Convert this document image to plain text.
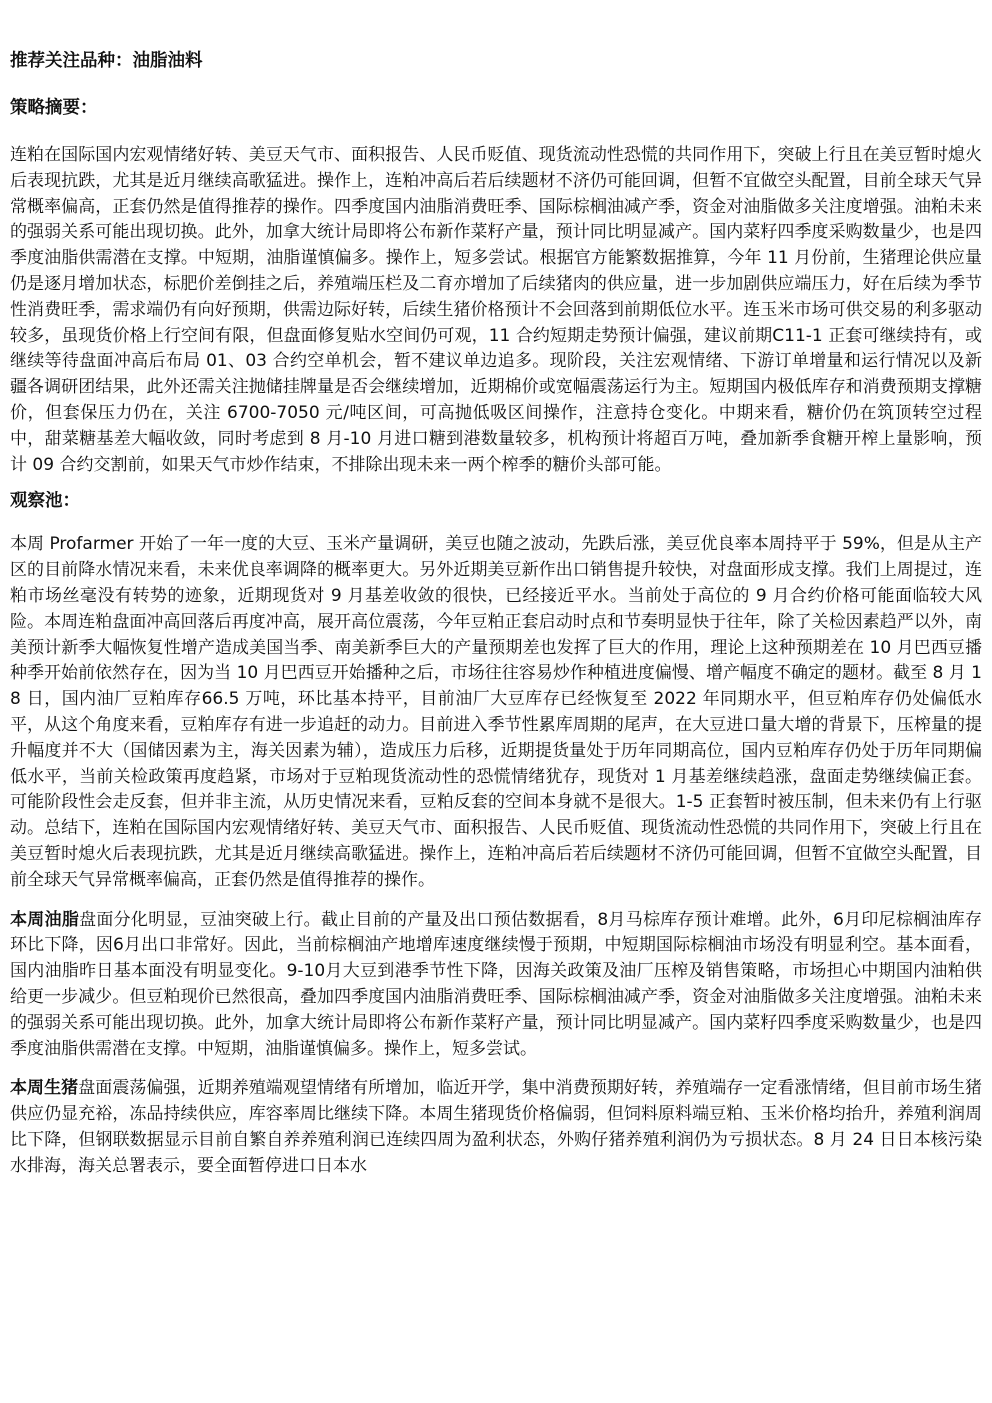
推荐关注品种：油脂油料

策略摘要：

连粕在国际国内宏观情绪好转、美豆天气市、面积报告、人民币贬值、现货流动性恐慌的共同作用下，突破上行且在美豆暂时熄火后表现抗跌，尤其是近月继续高歌猛进。操作上，连粕冲高后若后续题材不济仍可能回调，但暂不宜做空头配置，目前全球天气异常概率偏高，正套仍然是值得推荐的操作。四季度国内油脂消费旺季、国际棕榈油减产季，资金对油脂做多关注度增强。油粕未来的强弱关系可能出现切换。此外，加拿大统计局即将公布新作菜籽产量，预计同比明显减产。国内菜籽四季度采购数量少，也是四季度油脂供需潜在支撑。中短期，油脂谨慎偏多。操作上，短多尝试。根据官方能繁数据推算，今年 11 月份前，生猪理论供应量仍是逐月增加状态，标肥价差倒挂之后，养殖端压栏及二育亦增加了后续猪肉的供应量，进一步加剧供应端压力，好在后续为季节性消费旺季，需求端仍有向好预期，供需边际好转，后续生猪价格预计不会回落到前期低位水平。连玉米市场可供交易的利多驱动较多，虽现货价格上行空间有限，但盘面修复贴水空间仍可观，11 合约短期走势预计偏强，建议前期C11-1 正套可继续持有，或继续等待盘面冲高后布局 01、03 合约空单机会，暂不建议单边追多。现阶段，关注宏观情绪、下游订单增量和运行情况以及新疆各调研团结果，此外还需关注抛储挂牌量是否会继续增加，近期棉价或宽幅震荡运行为主。短期国内极低库存和消费预期支撑糖价，但套保压力仍在，关注 6700-7050 元/吨区间，可高抛低吸区间操作，注意持仓变化。中期来看，糖价仍在筑顶转空过程中，甜菜糖基差大幅收敛，同时考虑到 8 月-10 月进口糖到港数量较多，机构预计将超百万吨，叠加新季食糖开榨上量影响，预计 09 合约交割前，如果天气市炒作结束，不排除出现未来一两个榨季的糖价头部可能。

观察池：

本周 Profarmer 开始了一年一度的大豆、玉米产量调研，美豆也随之波动，先跌后涨，美豆优良率本周持平于 59%，但是从主产区的目前降水情况来看，未来优良率调降的概率更大。另外近期美豆新作出口销售提升较快，对盘面形成支撑。我们上周提过，连粕市场丝毫没有转势的迹象，近期现货对 9 月基差收敛的很快，已经接近平水。当前处于高位的 9 月合约价格可能面临较大风险。本周连粕盘面冲高回落后再度冲高，展开高位震荡，今年豆粕正套启动时点和节奏明显快于往年，除了关检因素趋严以外，南美预计新季大幅恢复性增产造成美国当季、南美新季巨大的产量预期差也发挥了巨大的作用，理论上这种预期差在 10 月巴西豆播种季开始前依然存在，因为当 10 月巴西豆开始播种之后，市场往往容易炒作种植进度偏慢、增产幅度不确定的题材。截至 8 月 18 日，国内油厂豆粕库存66.5 万吨，环比基本持平，目前油厂大豆库存已经恢复至 2022 年同期水平，但豆粕库存仍处偏低水平，从这个角度来看，豆粕库存有进一步追赶的动力。目前进入季节性累库周期的尾声，在大豆进口量大增的背景下，压榨量的提升幅度并不大（国储因素为主，海关因素为辅），造成压力后移，近期提货量处于历年同期高位，国内豆粕库存仍处于历年同期偏低水平，当前关检政策再度趋紧，市场对于豆粕现货流动性的恐慌情绪犹存，现货对 1 月基差继续趋涨，盘面走势继续偏正套。可能阶段性会走反套，但并非主流，从历史情况来看，豆粕反套的空间本身就不是很大。1-5 正套暂时被压制，但未来仍有上行驱动。总结下，连粕在国际国内宏观情绪好转、美豆天气市、面积报告、人民币贬值、现货流动性恐慌的共同作用下，突破上行且在美豆暂时熄火后表现抗跌，尤其是近月继续高歌猛进。操作上，连粕冲高后若后续题材不济仍可能回调，但暂不宜做空头配置，目前全球天气异常概率偏高，正套仍然是值得推荐的操作。

本周油脂盘面分化明显，豆油突破上行。截止目前的产量及出口预估数据看，8月马棕库存预计难增。此外，6月印尼棕榈油库存环比下降，因6月出口非常好。因此，当前棕榈油产地增库速度继续慢于预期，中短期国际棕榈油市场没有明显利空。基本面看，国内油脂昨日基本面没有明显变化。9-10月大豆到港季节性下降，因海关政策及油厂压榨及销售策略，市场担心中期国内油粕供给更一步减少。但豆粕现价已然很高，叠加四季度国内油脂消费旺季、国际棕榈油减产季，资金对油脂做多关注度增强。油粕未来的强弱关系可能出现切换。此外，加拿大统计局即将公布新作菜籽产量，预计同比明显减产。国内菜籽四季度采购数量少，也是四季度油脂供需潜在支撑。中短期，油脂谨慎偏多。操作上，短多尝试。

本周生猪盘面震荡偏强，近期养殖端观望情绪有所增加，临近开学，集中消费预期好转，养殖端存一定看涨情绪，但目前市场生猪供应仍显充裕，冻品持续供应，库容率周比继续下降。本周生猪现货价格偏弱，但饲料原料端豆粕、玉米价格均抬升，养殖利润周比下降，但钢联数据显示目前自繁自养养殖利润已连续四周为盈利状态，外购仔猪养殖利润仍为亏损状态。8 月 24 日日本核污染水排海，海关总署表示，要全面暂停进口日本水
